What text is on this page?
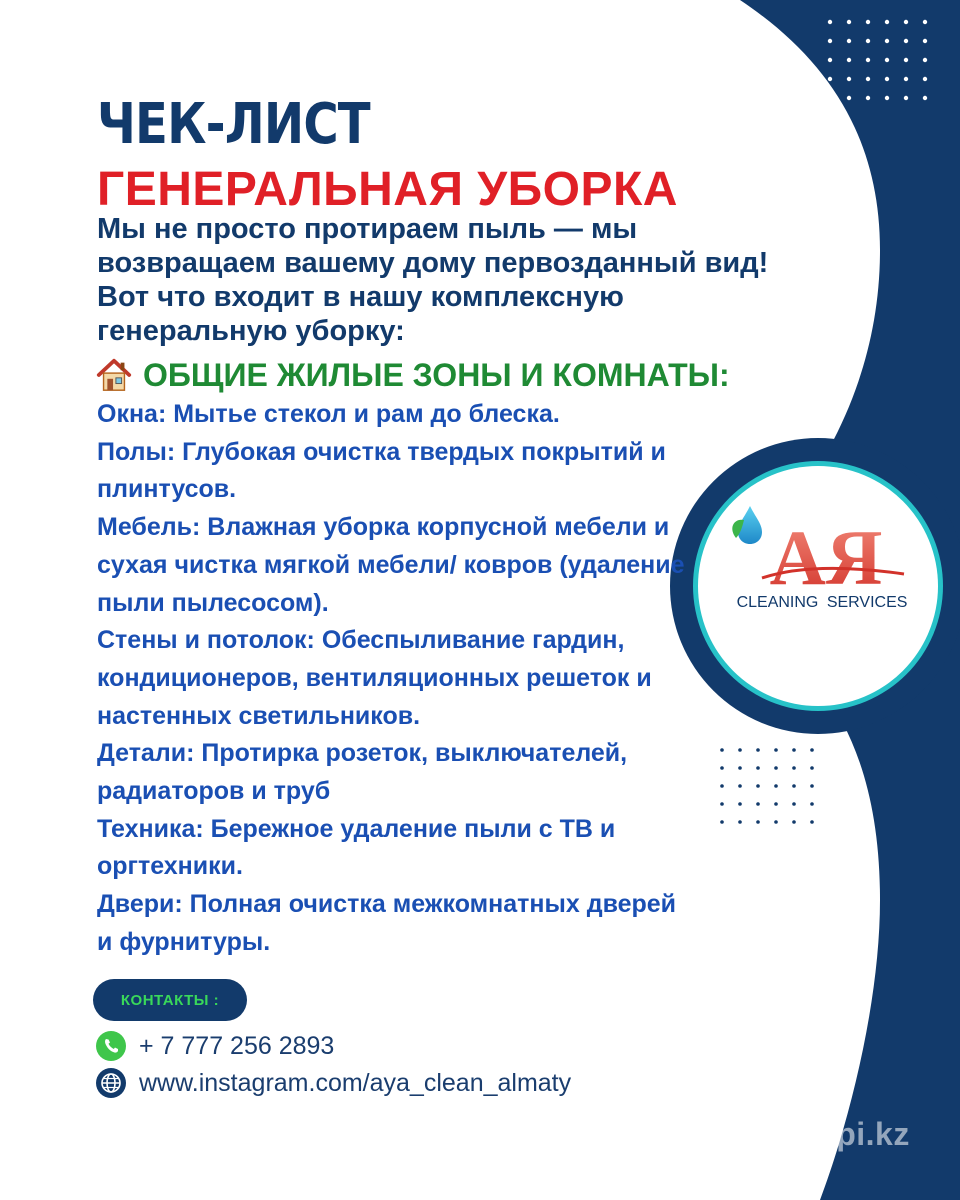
ЧЕК-ЛИСТ
ГЕНЕРАЛЬНАЯ УБОРКА

Мы не просто протираем пыль — мы возвращаем вашему дому первозданный вид! Вот что входит в нашу комплексную генеральную уборку:

ОБЩИЕ ЖИЛЫЕ ЗОНЫ И КОМНАТЫ:
Окна: Мытье стекол и рам до блеска.
Полы: Глубокая очистка твердых покрытий и плинтусов.
Мебель: Влажная уборка корпусной мебели и сухая чистка мягкой мебели/ ковров (удаление пыли пылесосом).
Стены и потолок: Обеспыливание гардин, кондиционеров, вентиляционных решеток и настенных светильников.
Детали: Протирка розеток, выключателей, радиаторов и труб
Техника: Бережное удаление пыли с ТВ и оргтехники.
Двери: Полная очистка межкомнатных дверей и фурнитуры.
КОНТАКТЫ :
+ 7 777 256 2893
www.instagram.com/aya_clean_almaty
АЯ
CLEANING SERVICES
Kaspi.kz
